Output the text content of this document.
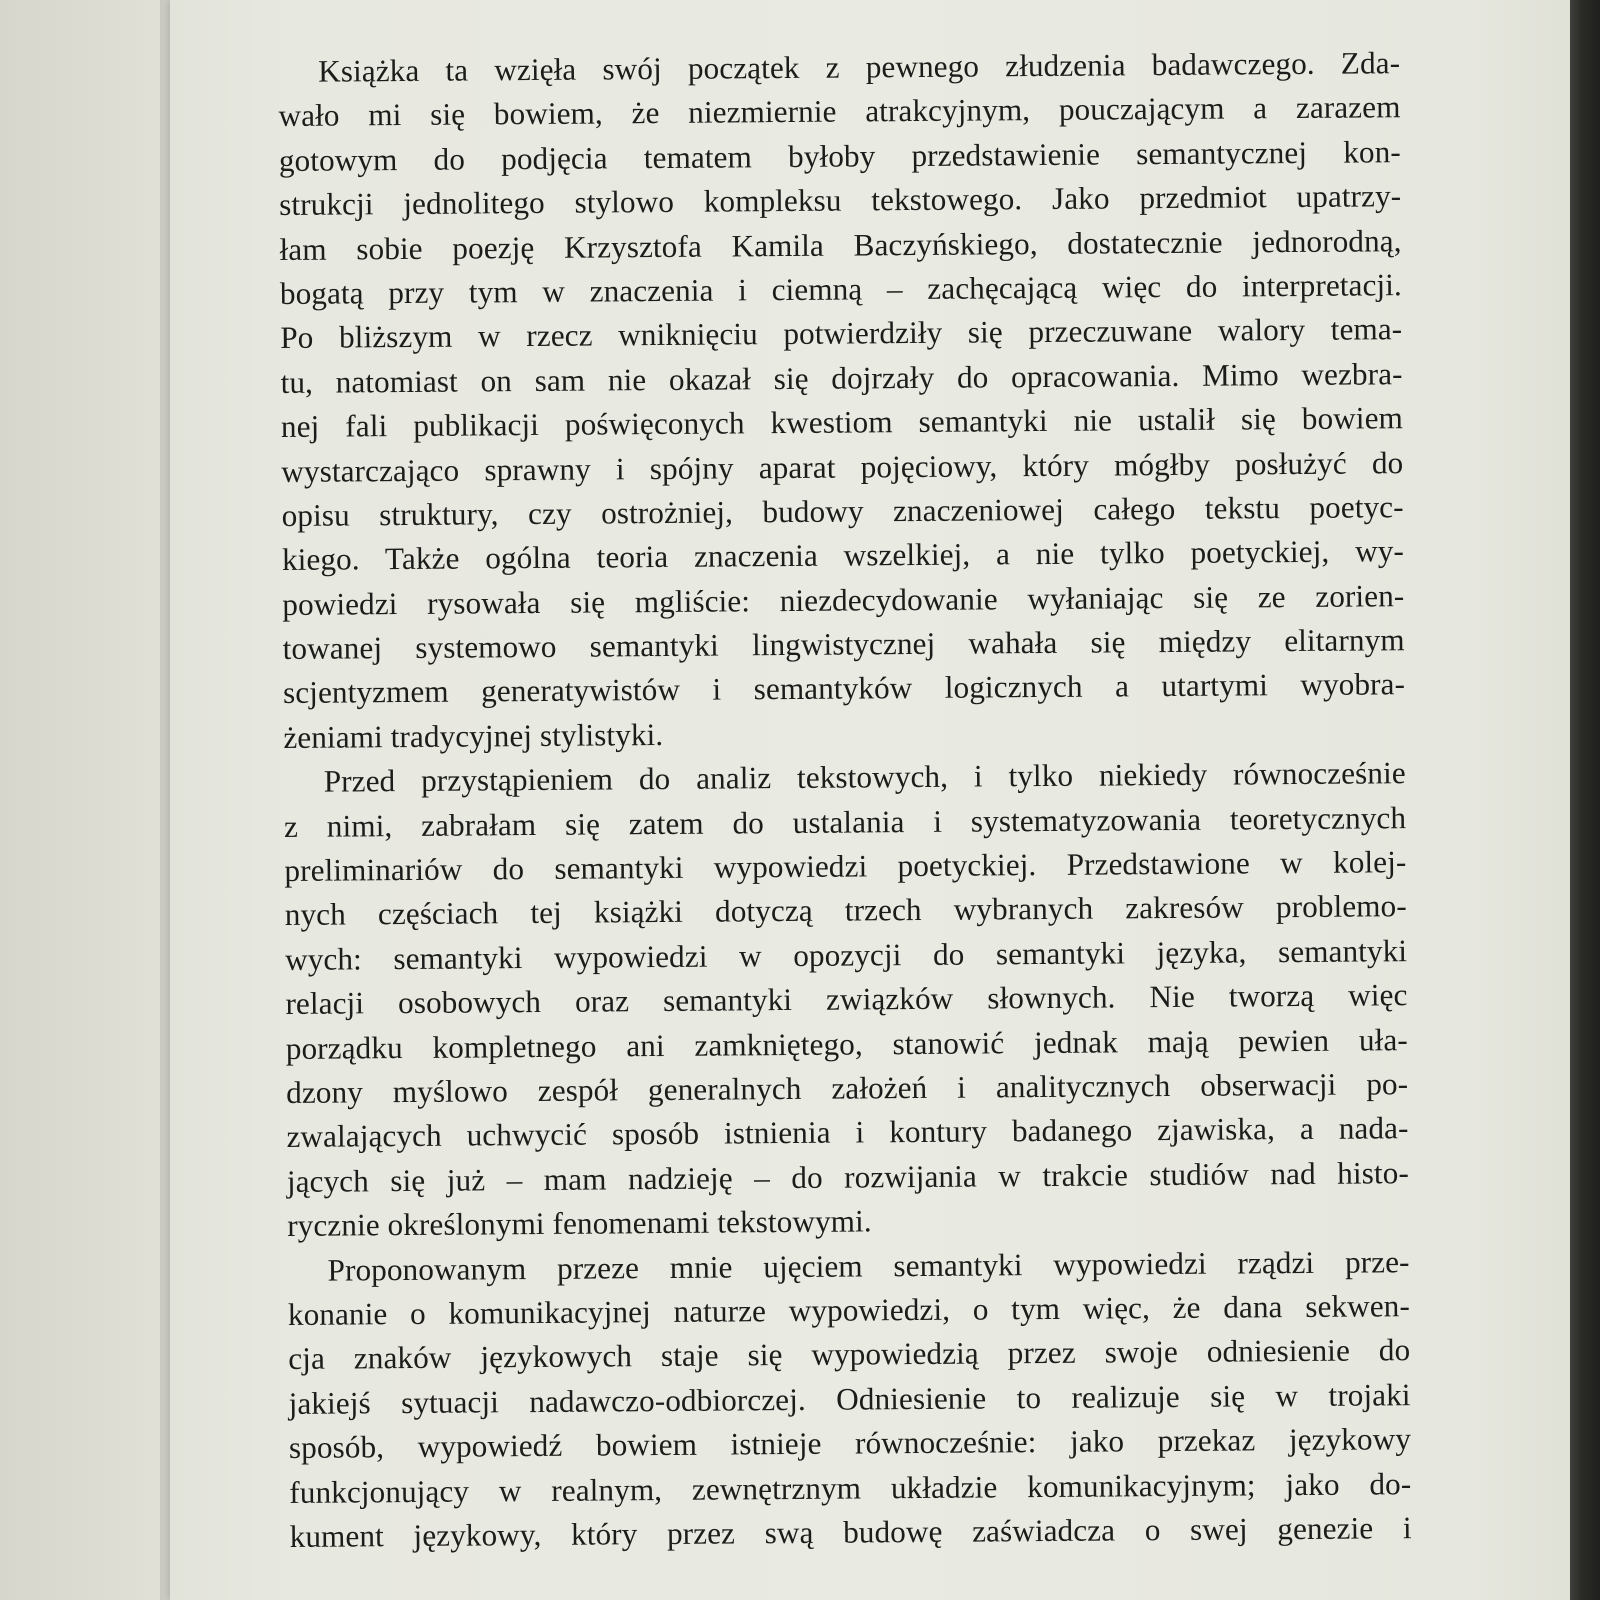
Książka ta wzięła swój początek z pewnego złudzenia badawczego. Zda-
wało mi się bowiem, że niezmiernie atrakcyjnym, pouczającym a zarazem
gotowym do podjęcia tematem byłoby przedstawienie semantycznej kon-
strukcji jednolitego stylowo kompleksu tekstowego. Jako przedmiot upatrzy-
łam sobie poezję Krzysztofa Kamila Baczyńskiego, dostatecznie jednorodną,
bogatą przy tym w znaczenia i ciemną – zachęcającą więc do interpretacji.
Po bliższym w rzecz wniknięciu potwierdziły się przeczuwane walory tema-
tu, natomiast on sam nie okazał się dojrzały do opracowania. Mimo wezbra-
nej fali publikacji poświęconych kwestiom semantyki nie ustalił się bowiem
wystarczająco sprawny i spójny aparat pojęciowy, który mógłby posłużyć do
opisu struktury, czy ostrożniej, budowy znaczeniowej całego tekstu poetyc-
kiego. Także ogólna teoria znaczenia wszelkiej, a nie tylko poetyckiej, wy-
powiedzi rysowała się mgliście: niezdecydowanie wyłaniając się ze zorien-
towanej systemowo semantyki lingwistycznej wahała się między elitarnym
scjentyzmem generatywistów i semantyków logicznych a utartymi wyobra-
żeniami tradycyjnej stylistyki.
Przed przystąpieniem do analiz tekstowych, i tylko niekiedy równocześnie
z nimi, zabrałam się zatem do ustalania i systematyzowania teoretycznych
preliminariów do semantyki wypowiedzi poetyckiej. Przedstawione w kolej-
nych częściach tej książki dotyczą trzech wybranych zakresów problemo-
wych: semantyki wypowiedzi w opozycji do semantyki języka, semantyki
relacji osobowych oraz semantyki związków słownych. Nie tworzą więc
porządku kompletnego ani zamkniętego, stanowić jednak mają pewien uła-
dzony myślowo zespół generalnych założeń i analitycznych obserwacji po-
zwalających uchwycić sposób istnienia i kontury badanego zjawiska, a nada-
jących się już – mam nadzieję – do rozwijania w trakcie studiów nad histo-
rycznie określonymi fenomenami tekstowymi.
Proponowanym przeze mnie ujęciem semantyki wypowiedzi rządzi prze-
konanie o komunikacyjnej naturze wypowiedzi, o tym więc, że dana sekwen-
cja znaków językowych staje się wypowiedzią przez swoje odniesienie do
jakiejś sytuacji nadawczo-odbiorczej. Odniesienie to realizuje się w trojaki
sposób, wypowiedź bowiem istnieje równocześnie: jako przekaz językowy
funkcjonujący w realnym, zewnętrznym układzie komunikacyjnym; jako do-
kument językowy, który przez swą budowę zaświadcza o swej genezie i
